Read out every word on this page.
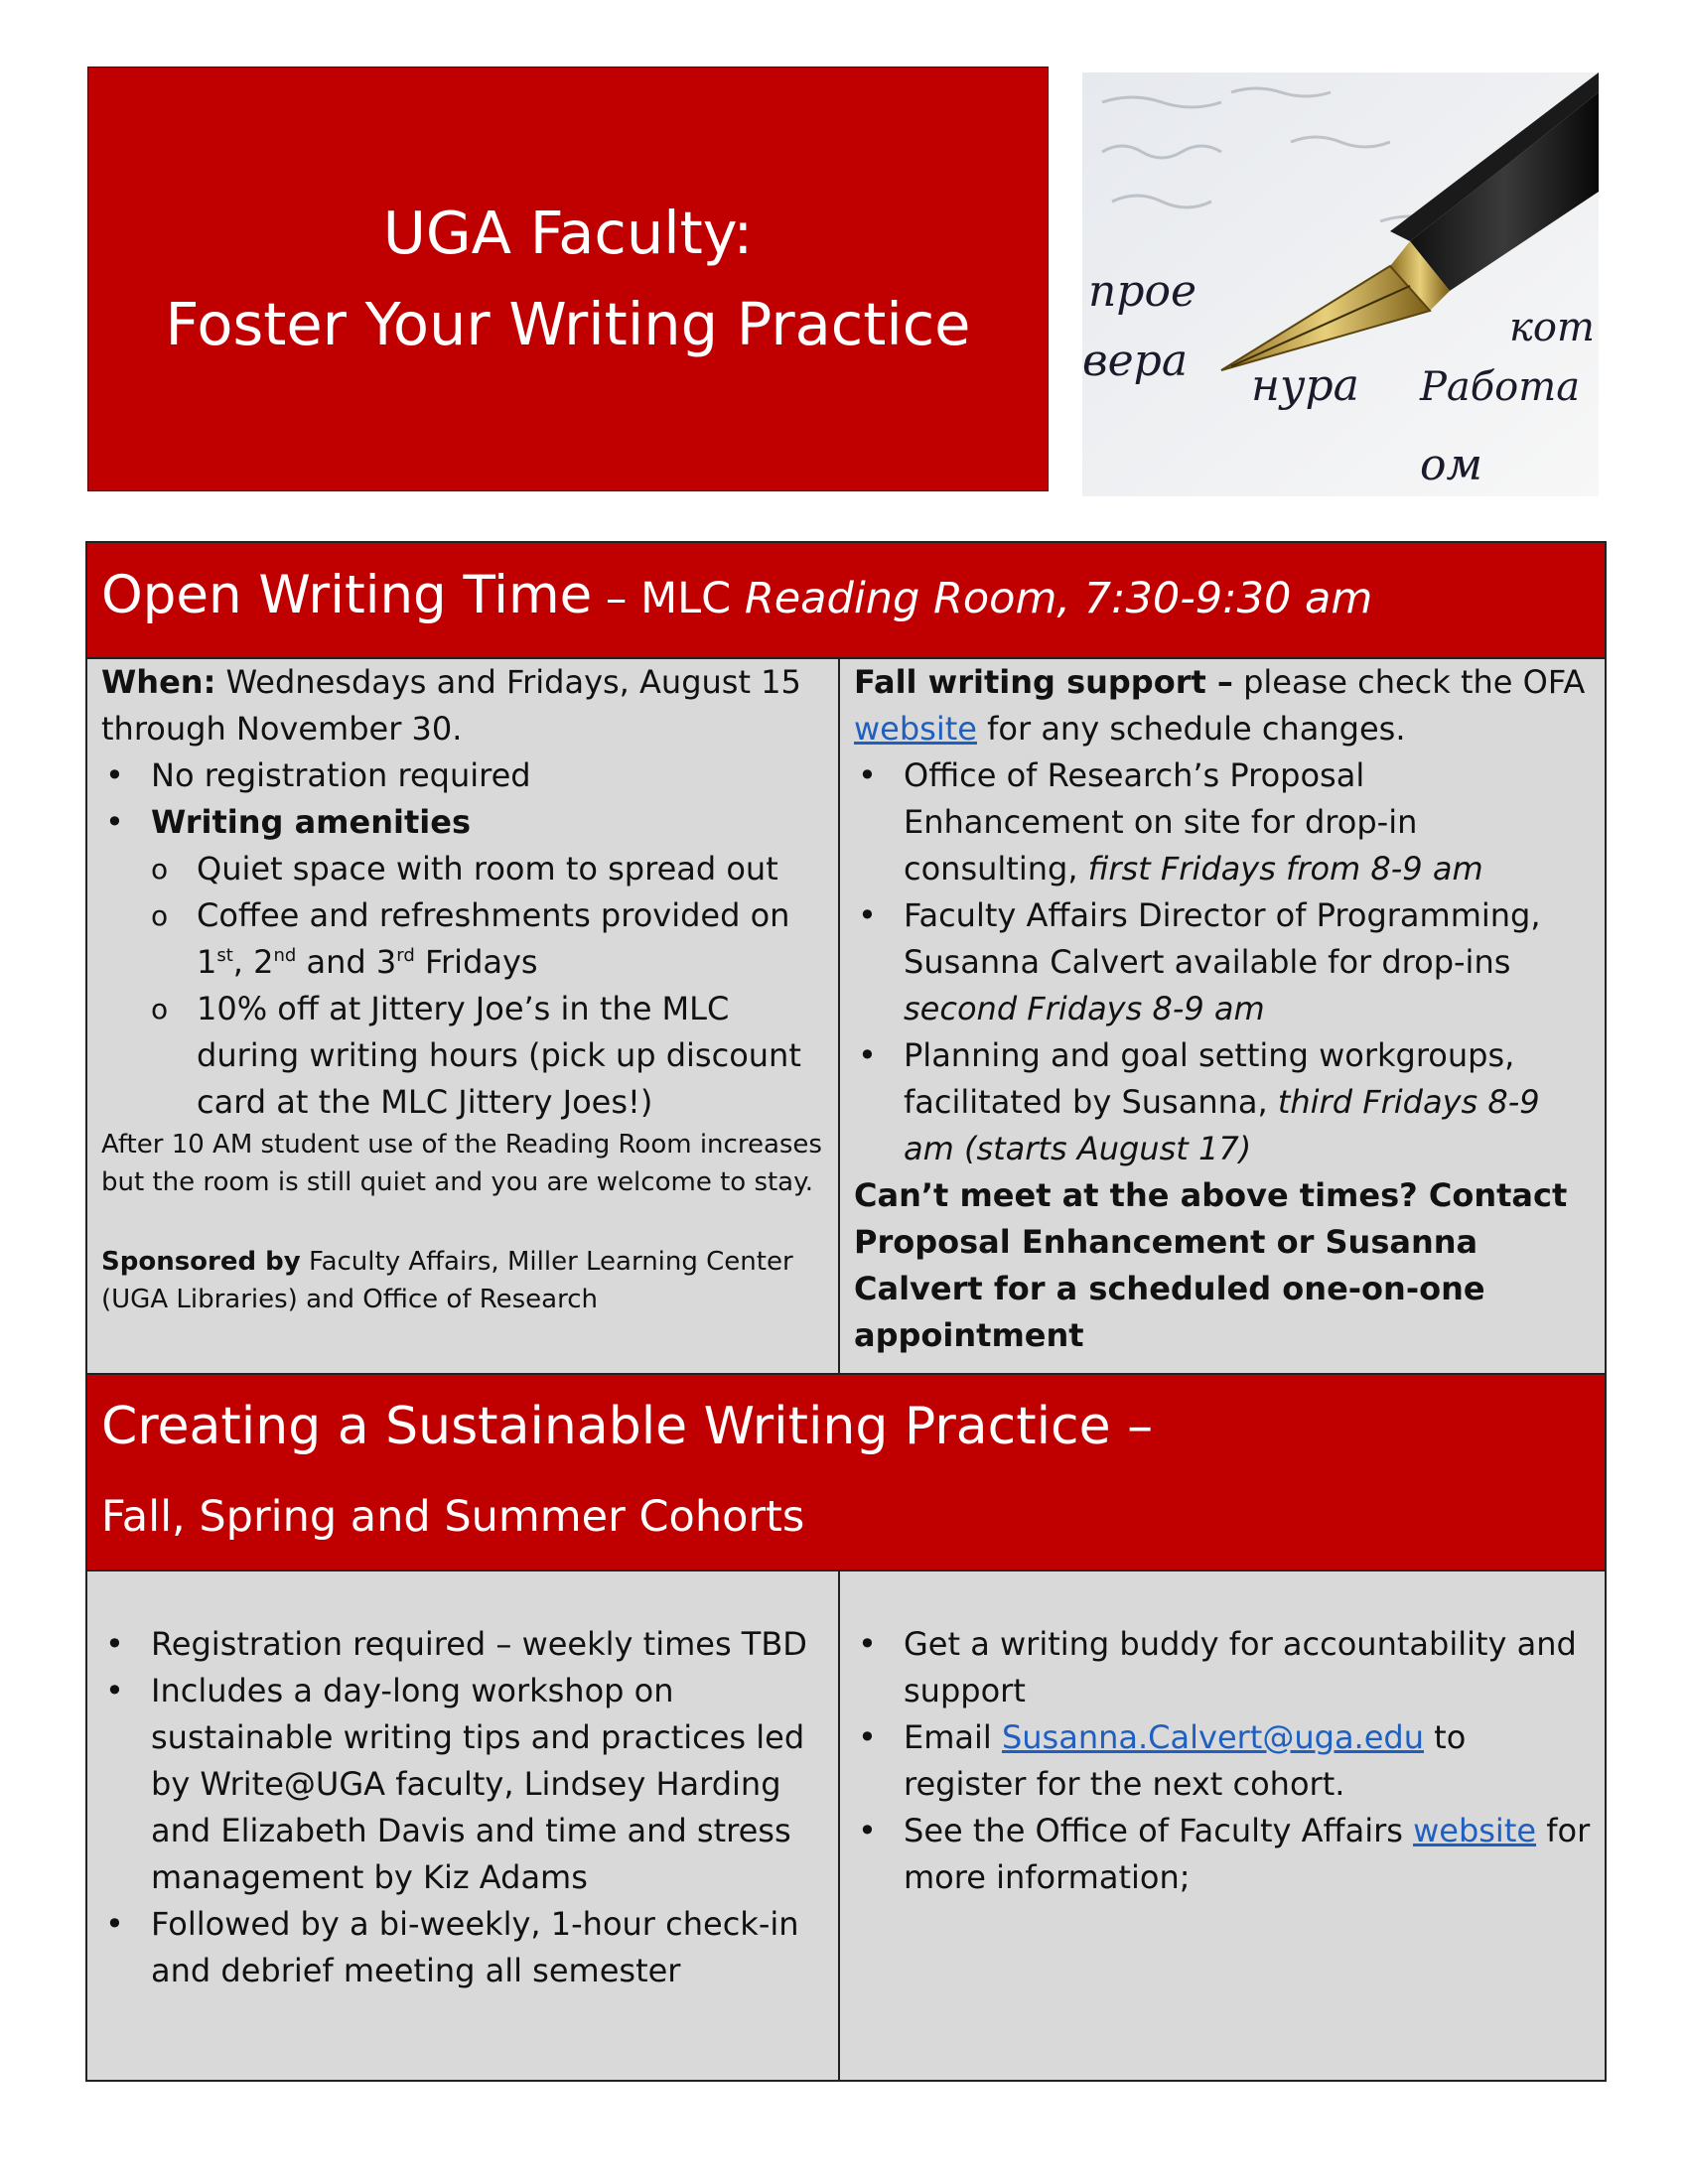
UGA Faculty:
Foster Your Writing Practice	прое
вера нура
ом
Работа
кот
Open Writing Time – MLC Reading Room, 7:30-9:30 am

When: Wednesdays and Fridays, August 15 through November 30.

• No registration required
• Writing amenities
o Quiet space with room to spread out
o Coffee and refreshments provided on 1st, 2nd and 3rd Fridays
o 10% off at Jittery Joe’s in the MLC during writing hours (pick up discount card at the MLC Jittery Joes!)

After 10 AM student use of the Reading Room increases but the room is still quiet and you are welcome to stay.

Sponsored by Faculty Affairs, Miller Learning Center (UGA Libraries) and Office of Research

Fall writing support – please check the OFA website for any schedule changes.

• Office of Research’s Proposal Enhancement on site for drop-in consulting, first Fridays from 8-9 am
• Faculty Affairs Director of Programming, Susanna Calvert available for drop-ins second Fridays 8-9 am
• Planning and goal setting workgroups, facilitated by Susanna, third Fridays 8-9 am (starts August 17)

Can’t meet at the above times? Contact Proposal Enhancement or Susanna Calvert for a scheduled one-on-one appointment

Creating a Sustainable Writing Practice –
Fall, Spring and Summer Cohorts
• Registration required – weekly times TBD
• Includes a day-long workshop on sustainable writing tips and practices led by Write@UGA faculty, Lindsey Harding and Elizabeth Davis and time and stress management by Kiz Adams
• Followed by a bi-weekly, 1-hour check-in and debrief meeting all semester
• Get a writing buddy for accountability and support
• Email Susanna.Calvert@uga.edu to register for the next cohort.
• See the Office of Faculty Affairs website for more information;
